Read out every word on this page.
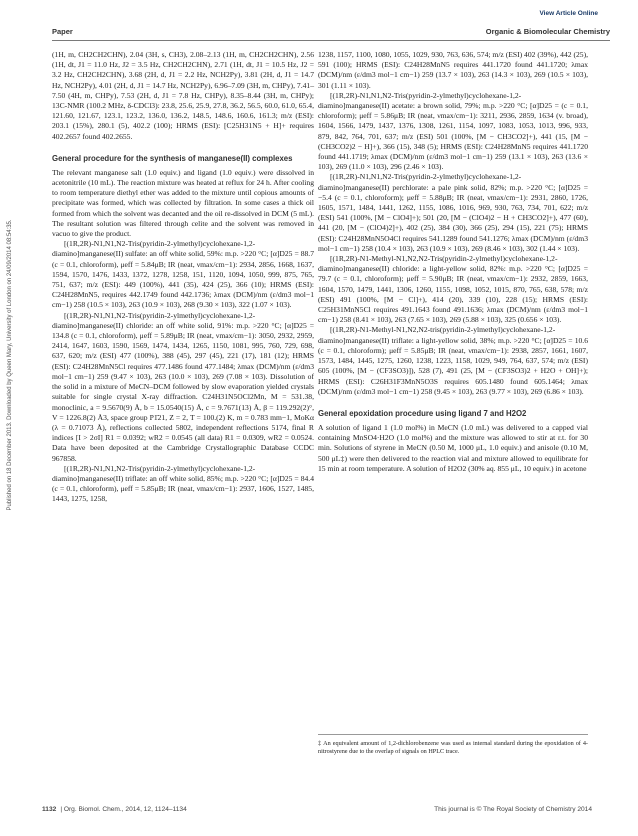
View Article Online
Paper	Organic & Biomolecular Chemistry
Published on 18 December 2013. Downloaded by Queen Mary, University of London on 24/09/2014 08:54:35.

(1H, m, CH2CH2CHN), 2.04 (3H, s, CH3), 2.08–2.13 (1H, m, CH2CH2CHN), 2.56 (1H, dt, J1 = 11.0 Hz, J2 = 3.5 Hz, CH2CH2CHN), 2.71 (1H, dt, J1 = 10.5 Hz, J2 = 3.2 Hz, CH2CH2CHN), 3.68 (2H, d, J1 = 2.2 Hz, NCH2Py), 3.81 (2H, d, J1 = 14.7 Hz, NCH2Py), 4.01 (2H, d, J1 = 14.7 Hz, NCH2Py), 6.96–7.09 (3H, m, CHPy), 7.41–7.50 (4H, m, CHPy), 7.53 (2H, d, J1 = 7.8 Hz, CHPy), 8.35–8.44 (3H, m, CHPy); 13C-NMR (100.2 MHz, δ-CDCl3): 23.8, 25.6, 25.9, 27.8, 36.2, 56.5, 60.0, 61.0, 65.4, 121.60, 121.67, 123.1, 123.2, 136.0, 136.2, 148.5, 148.6, 160.6, 161.3; m/z (ESI): 203.1 (15%), 280.1 (5), 402.2 (100); HRMS (ESI): [C25H31N5 + H]+ requires 402.2657 found 402.2655.

General procedure for the synthesis of manganese(II) complexes

The relevant manganese salt (1.0 equiv.) and ligand (1.0 equiv.) were dissolved in acetonitrile (10 mL). The reaction mixture was heated at reflux for 24 h. After cooling to room temperature diethyl ether was added to the mixture until copious amounts of precipitate was formed, which was collected by filtration. In some cases a thick oil formed from which the solvent was decanted and the oil re-dissolved in DCM (5 mL). The resultant solution was filtered through celite and the solvent was removed in vacuo to give the product.

[(1R,2R)-N1,N1,N2-Tris(pyridin-2-ylmethyl)cyclohexane-1,2-diamino]manganese(II) sulfate: an off white solid, 59%: m.p. >220 °C; [α]D25 = 88.7 (c = 0.1, chloroform), μeff = 5.84μB; IR (neat, νmax/cm−1): 2934, 2856, 1668, 1637, 1594, 1570, 1476, 1433, 1372, 1278, 1258, 151, 1120, 1094, 1050, 999, 875, 765, 751, 637; m/z (ESI): 449 (100%), 441 (35), 424 (25), 366 (10); HRMS (ESI): C24H28MnN5, requires 442.1749 found 442.1736; λmax (DCM)/nm (ε/dm3 mol−1 cm−1) 258 (10.5 × 103), 263 (10.9 × 103), 268 (9.30 × 103), 322 (1.07 × 103).

[(1R,2R)-N1,N1,N2-Tris(pyridin-2-ylmethyl)cyclohexane-1,2-diamino]manganese(II) chloride: an off white solid, 91%: m.p. >220 °C; [α]D25 = 134.8 (c = 0.1, chloroform), μeff = 5.89μB; IR (neat, νmax/cm−1): 3050, 2932, 2959, 2414, 1647, 1603, 1590, 1569, 1474, 1434, 1265, 1150, 1081, 995, 760, 729, 698, 637, 620; m/z (ESI) 477 (100%), 388 (45), 297 (45), 221 (17), 181 (12); HRMS (ESI): C24H28MnN5Cl requires 477.1486 found 477.1484; λmax (DCM)/nm (ε/dm3 mol−1 cm−1) 259 (9.47 × 103), 263 (10.0 × 103), 269 (7.08 × 103). Dissolution of the solid in a mixture of MeCN–DCM followed by slow evaporation yielded crystals suitable for single crystal X-ray diffraction. C24H31N5OCl2Mn, M = 531.38, monoclinic, a = 9.5670(9) Å, b = 15.0540(15) Å, c = 9.7671(13) Å, β = 119.292(2)°, V = 1226.8(2) Å3, space group P1̄21, Z = 2, T = 100.(2) K, m = 0.783 mm−1, MoKα (λ = 0.71073 Å), reflections collected 5802, independent reflections 5174, final R indices [I > 2σI] R1 = 0.0392; wR2 = 0.0545 (all data) R1 = 0.0309, wR2 = 0.0524. Data have been deposited at the Cambridge Crystallographic Database CCDC 967858.

[(1R,2R)-N1,N1,N2-Tris(pyridin-2-ylmethyl)cyclohexane-1,2-diamino]manganese(II) triflate: an off white solid, 85%; m.p. >220 °C; [α]D25 = 84.4 (c = 0.1, chloroform), μeff = 5.85μB; IR (neat, νmax/cm−1): 2937, 1606, 1527, 1485, 1443, 1275, 1258,

1238, 1157, 1100, 1080, 1055, 1029, 930, 763, 636, 574; m/z (ESI) 402 (39%), 442 (25), 591 (100); HRMS (ESI): C24H28MnN5 requires 441.1720 found 441.1720; λmax (DCM)/nm (ε/dm3 mol−1 cm−1) 259 (13.7 × 103), 263 (14.3 × 103), 269 (10.5 × 103), 301 (1.11 × 103).

[(1R,2R)-N1,N1,N2-Tris(pyridin-2-ylmethyl)cyclohexane-1,2-diamino]manganese(II) acetate: a brown solid, 79%; m.p. >220 °C; [α]D25 = (c = 0.1, chloroform); μeff = 5.86μB; IR (neat, νmax/cm−1): 3211, 2936, 2859, 1634 (v. broad), 1604, 1566, 1479, 1437, 1376, 1308, 1261, 1154, 1097, 1083, 1053, 1013, 996, 933, 879, 842, 764, 701, 637; m/z (ESI) 501 (100%, [M − CH3CO2]+), 441 (15, [M − (CH3CO2)2 − H]+), 366 (15), 348 (5); HRMS (ESI): C24H28MnN5 requires 441.1720 found 441.1719; λmax (DCM)/nm (ε/dm3 mol−1 cm−1) 259 (13.1 × 103), 263 (13.6 × 103), 269 (11.0 × 103), 296 (2.46 × 103).

[(1R,2R)-N1,N1,N2-Tris(pyridin-2-ylmethyl)cyclohexane-1,2-diamino]manganese(II) perchlorate: a pale pink solid, 82%; m.p. >220 °C; [α]D25 = −5.4 (c = 0.1, chloroform); μeff = 5.88μB; IR (neat, νmax/cm−1): 2931, 2860, 1726, 1605, 1571, 1484, 1441, 1262, 1155, 1086, 1016, 969, 930, 763, 734, 701, 622; m/z (ESI) 541 (100%, [M − ClO4]+); 501 (20, [M − (ClO4)2 − H + CH3CO2]+), 477 (60), 441 (20, [M − (ClO4)2]+), 402 (25), 384 (30), 366 (25), 294 (15), 221 (75); HRMS (ESI): C24H28MnN5O4Cl requires 541.1289 found 541.1276; λmax (DCM)/nm (ε/dm3 mol−1 cm−1) 258 (10.4 × 103), 263 (10.9 × 103), 269 (8.46 × 103), 302 (1.44 × 103).

[(1R,2R)-N1-Methyl-N1,N2,N2-Tris(pyridin-2-ylmethyl)cyclohexane-1,2-diamino]manganese(II) chloride: a light-yellow solid, 82%: m.p. >220 °C; [α]D25 = 79.7 (c = 0.1, chloroform); μeff = 5.90μB; IR (neat, νmax/cm−1): 2932, 2859, 1663, 1604, 1570, 1479, 1441, 1306, 1260, 1155, 1098, 1052, 1015, 870, 765, 638, 578; m/z (ESI) 491 (100%, [M − Cl]+), 414 (20), 339 (10), 228 (15); HRMS (ESI): C25H31MnN5Cl requires 491.1643 found 491.1636; λmax (DCM)/nm (ε/dm3 mol−1 cm−1) 258 (8.41 × 103), 263 (7.65 × 103), 269 (5.88 × 103), 325 (0.656 × 103).

[(1R,2R)-N1-Methyl-N1,N2,N2-tris(pyridin-2-ylmethyl)cyclohexane-1,2-diamino]manganese(II) triflate: a light-yellow solid, 38%; m.p. >220 °C; [α]D25 = 10.6 (c = 0.1, chloroform); μeff = 5.85μB; IR (neat, νmax/cm−1): 2938, 2857, 1661, 1607, 1573, 1484, 1445, 1275, 1260, 1238, 1223, 1158, 1029, 949, 764, 637, 574; m/z (ESI) 605 (100%, [M − (CF3SO3)]), 528 (7), 491 (25, [M − (CF3SO3)2 + H2O + OH]+); HRMS (ESI): C26H31F3MnN5O3S requires 605.1480 found 605.1464; λmax (DCM)/nm (ε/dm3 mol−1 cm−1) 258 (9.45 × 103), 263 (9.77 × 103), 269 (6.86 × 103).

General epoxidation procedure using ligand 7 and H2O2

A solution of ligand 1 (1.0 mol%) in MeCN (1.0 mL) was delivered to a capped vial containing MnSO4·H2O (1.0 mol%) and the mixture was allowed to stir at r.t. for 30 min. Solutions of styrene in MeCN (0.50 M, 1000 μL, 1.0 equiv.) and anisole (0.10 M, 500 μL‡) were then delivered to the reaction vial and mixture allowed to equilibrate for 15 min at room temperature. A solution of H2O2 (30% aq. 855 μL, 10 equiv.) in acetone

‡ An equivalent amount of 1,2-dichlorobenzene was used as internal standard during the epoxidation of 4-nitrostyrene due to the overlap of signals on HPLC trace.
1132 | Org. Biomol. Chem., 2014, 12, 1124–1134	This journal is © The Royal Society of Chemistry 2014
